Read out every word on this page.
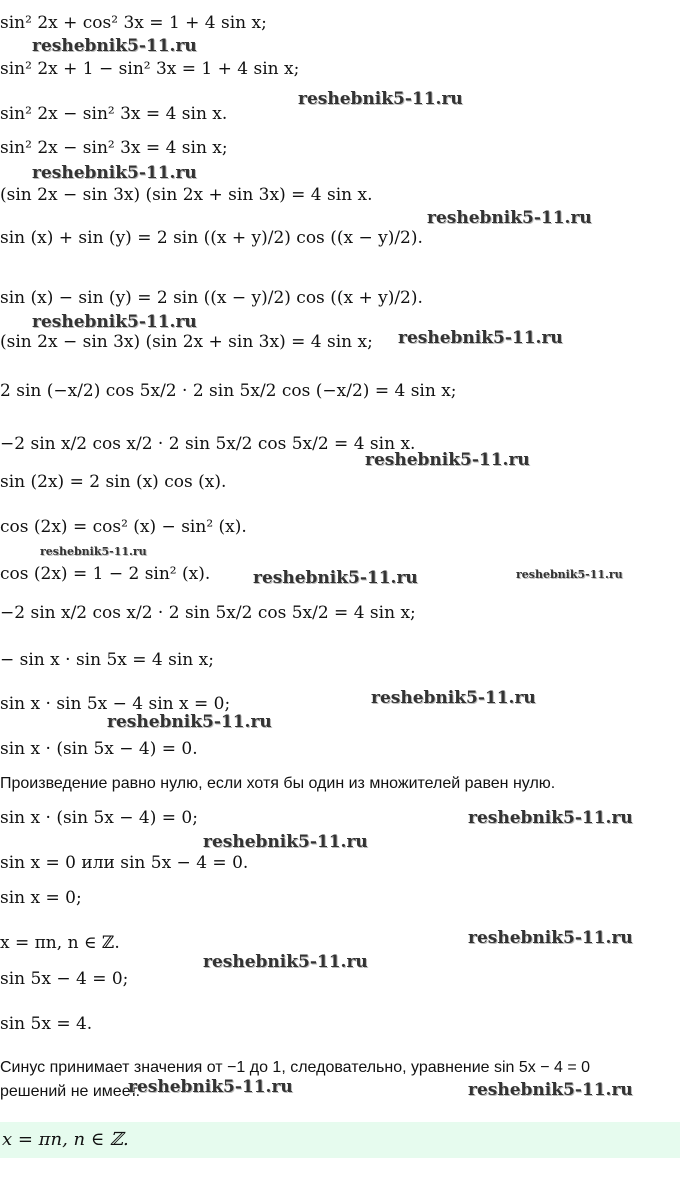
sin² 2x + cos² 3x = 1 + 4 sin x;
sin² 2x + 1 − sin² 3x = 1 + 4 sin x;
sin² 2x − sin² 3x = 4 sin x.
sin² 2x − sin² 3x = 4 sin x;
(sin 2x − sin 3x) (sin 2x + sin 3x) = 4 sin x.
sin (x) + sin (y) = 2 sin ((x + y)/2) cos ((x − y)/2).
sin (x) − sin (y) = 2 sin ((x − y)/2) cos ((x + y)/2).
(sin 2x − sin 3x) (sin 2x + sin 3x) = 4 sin x;
2 sin (−x/2) cos 5x/2 · 2 sin 5x/2 cos (−x/2) = 4 sin x;
−2 sin x/2 cos x/2 · 2 sin 5x/2 cos 5x/2 = 4 sin x.
sin (2x) = 2 sin (x) cos (x).
cos (2x) = cos² (x) − sin² (x).
cos (2x) = 1 − 2 sin² (x).
−2 sin x/2 cos x/2 · 2 sin 5x/2 cos 5x/2 = 4 sin x;
− sin x · sin 5x = 4 sin x;
sin x · sin 5x − 4 sin x = 0;
sin x · (sin 5x − 4) = 0.
Произведение равно нулю, если хотя бы один из множителей равен нулю.
sin x · (sin 5x − 4) = 0;
sin x = 0 или sin 5x − 4 = 0.
sin x = 0;
x = πn, n ∈ ℤ.
sin 5x − 4 = 0;
sin 5x = 4.
Синус принимает значения от −1 до 1, следовательно, уравнение sin 5x − 4 = 0 решений не имеет.
x = πn, n ∈ ℤ.
reshebnik5-11.ru
reshebnik5-11.ru
reshebnik5-11.ru
reshebnik5-11.ru
reshebnik5-11.ru
reshebnik5-11.ru
reshebnik5-11.ru
reshebnik5-11.ru
reshebnik5-11.ru	reshebnik5-11.ru
reshebnik5-11.ru
reshebnik5-11.ru
reshebnik5-11.ru
reshebnik5-11.ru
reshebnik5-11.ru
reshebnik5-11.ru
reshebnik5-11.ru	reshebnik5-11.ru
